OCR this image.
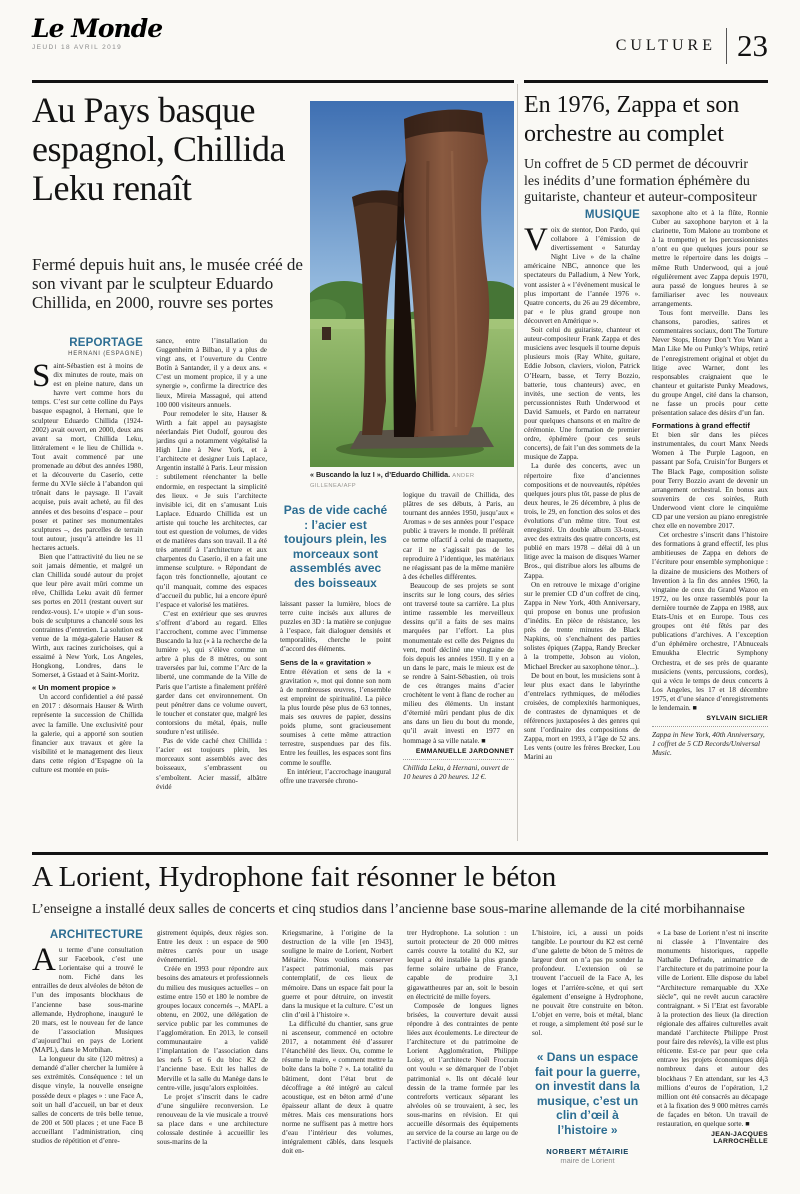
Le Monde
JEUDI 18 AVRIL 2019	CULTURE 23
Au Pays basque espagnol, Chillida Leku renaît

Fermé depuis huit ans, le musée créé de son vivant par le sculpteur Eduardo Chillida, en 2000, rouvre ses portes

« Buscando la luz I », d’Eduardo Chillida. ANDER GILLENEA/AFP
REPORTAGE
HERNANI (ESPAGNE)

Saint-Sébastien est à moins de dix minutes de route, mais on est en pleine nature, dans un havre vert comme hors du temps. C’est sur cette colline du Pays basque espagnol, à Hernani, que le sculpteur Eduardo Chillida (1924-2002) avait ouvert, en 2000, deux ans avant sa mort, Chillida Leku, littéralement « le lieu de Chillida ». Tout avait commencé par une promenade au début des années 1980, et la découverte du Caserío, cette ferme du XVIe siècle à l’abandon qui trônait dans le paysage. Il l’avait acquise, puis avait acheté, au fil des années et des besoins d’espace – pour poser et patiner ses monumentales sculptures –, des parcelles de terrain tout autour, jusqu’à atteindre les 11 hectares actuels.

Bien que l’attractivité du lieu ne se soit jamais démentie, et malgré un clan Chillida soudé autour du projet que leur père avait mûri comme un rêve, Chillida Leku avait dû fermer ses portes en 2011 (restant ouvert sur rendez-vous). L’« utopie » d’un sous-bois de sculptures a chancelé sous les contraintes d’entretien. La solution est venue de la méga-galerie Hauser & Wirth, aux racines zurichoises, qui a essaimé à New York, Los Angeles, Hongkong, Londres, dans le Somerset, à Gstaad et à Saint-Moritz.

« Un moment propice »

Un accord confidentiel a été passé en 2017 : désormais Hauser & Wirth représente la succession de Chillida avec la famille. Une exclusivité pour la galerie, qui a apporté son soutien financier aux travaux et gère la visibilité et le management des lieux dans cette région d’Espagne où la culture est montée en puis-

sance, entre l’installation du Guggenheim à Bilbao, il y a plus de vingt ans, et l’ouverture du Centre Botín à Santander, il y a deux ans. « C’est un moment propice, il y a une synergie », confirme la directrice des lieux, Mireia Massagué, qui attend 100 000 visiteurs annuels.

Pour remodeler le site, Hauser & Wirth a fait appel au paysagiste néerlandais Piet Oudolf, gourou des jardins qui a notamment végétalisé la High Line à New York, et à l’architecte et designer Luis Laplace, Argentin installé à Paris. Leur mission : subtilement réenchanter la belle endormie, en respectant la simplicité des lieux. « Je suis l’architecte invisible ici, dit en s’amusant Luis Laplace. Eduardo Chillida est un artiste qui touche les architectes, car tout est question de volumes, de vides et de matières dans son travail. Il a été très attentif à l’architecture et aux charpentes du Caserío, il en a fait une immense sculpture. » Répondant de façon très fonctionnelle, ajoutant ce qu’il manquait, comme des espaces d’accueil du public, lui a encore épuré l’espace et valorisé les matières.

C’est en extérieur que ses œuvres s’offrent d’abord au regard. Elles l’accrochent, comme avec l’immense Buscando la luz (« à la recherche de la lumière »), qui s’élève comme un arbre à plus de 8 mètres, ou sont traversées par lui, comme l’Arc de la liberté, une commande de la Ville de Paris que l’artiste a finalement préféré garder dans cet environnement. On peut pénétrer dans ce volume ouvert, le toucher et constater que, malgré les contorsions du métal, épais, nulle soudure n’est utilisée.

Pas de vide caché chez Chillida : l’acier est toujours plein, les morceaux sont assemblés avec des boisseaux, s’embrassent ou s’emboîtent. Acier massif, albâtre évidé

Pas de vide caché : l’acier est toujours plein, les morceaux sont assemblés avec des boisseaux

laissant passer la lumière, blocs de terre cuite incisés aux allures de puzzles en 3D : la matière se conjugue à l’espace, fait dialoguer densités et temporalités, cherche le point d’accord des éléments.

Sens de la « gravitation »

Entre élévation et sens de la « gravitation », mot qui donne son nom à de nombreuses œuvres, l’ensemble est empreint de spiritualité. La pièce la plus lourde pèse plus de 63 tonnes, mais ses œuvres de papier, dessins poids plume, sont gracieusement soumises à cette même attraction terrestre, suspendues par des fils. Entre les feuilles, les espaces sont fins comme le souffle.

En intérieur, l’accrochage inaugural offre une traversée chrono-

logique du travail de Chillida, des plâtres de ses débuts, à Paris, au tournant des années 1950, jusqu’aux « Aromas » de ses années pour l’espace public à travers le monde. Il préférait ce terme olfactif à celui de maquette, car il ne s’agissait pas de les reproduire à l’identique, les matériaux ne réagissant pas de la même manière à des échelles différentes.

Beaucoup de ses projets se sont inscrits sur le long cours, des séries ont traversé toute sa carrière. La plus intime rassemble les merveilleux dessins qu’il a faits de ses mains marquées par l’effort. La plus monumentale est celle des Peignes du vent, motif décliné une vingtaine de fois depuis les années 1950. Il y en a un dans le parc, mais le mieux est de se rendre à Saint-Sébastien, où trois de ces étranges mains d’acier crochètent le vent à flanc de rocher au milieu des éléments. Un instant d’éternité mûri pendant plus de dix ans dans un lieu du bout du monde, qu’il avait investi en 1977 en hommage à sa ville natale. ■

EMMANUELLE JARDONNET
Chillida Leku, à Hernani, ouvert de 10 heures à 20 heures. 12 €.
En 1976, Zappa et son orchestre au complet

Un coffret de 5 CD permet de découvrir les inédits d’une formation éphémère du guitariste, chanteur et auteur-compositeur

MUSIQUE

Voix de stentor, Don Pardo, qui collabore à l’émission de divertissement « Saturday Night Live » de la chaîne américaine NBC, annonce que les spectateurs du Palladium, à New York, vont assister à « l’événement musical le plus important de l’année 1976 ». Quatre concerts, du 26 au 29 décembre, par « le plus grand groupe non découvert en Amérique ».

Soit celui du guitariste, chanteur et auteur-compositeur Frank Zappa et des musiciens avec lesquels il tourne depuis plusieurs mois (Ray White, guitare, Eddie Jobson, claviers, violon, Patrick O’Hearn, basse, et Terry Bozzio, batterie, tous chanteurs) avec, en invités, une section de vents, les percussionnistes Ruth Underwood et David Samuels, et Pardo en narrateur pour quelques chansons et en maître de cérémonie. Une formation de premier ordre, éphémère (pour ces seuls concerts), de fait l’un des sommets de la musique de Zappa.

La durée des concerts, avec un répertoire fixe d’anciennes compositions et de nouveautés, répétées quelques jours plus tôt, passe de plus de deux heures, le 26 décembre, à plus de trois, le 29, en fonction des solos et des évolutions d’un même titre. Tout est enregistré. Un double album 33-tours, avec des extraits des quatre concerts, est publié en mars 1978 – délai dû à un litige avec la maison de disques Warner Bros., qui distribue alors les albums de Zappa.

On en retrouve le mixage d’origine sur le premier CD d’un coffret de cinq, Zappa in New York, 40th Anniversary, qui propose en bonus une profusion d’inédits. En pièce de résistance, les près de trente minutes de Black Napkins, où s’enchaînent des parties solistes épiques (Zappa, Randy Brecker à la trompette, Jobson au violon, Michael Brecker au saxophone ténor...).

De bout en bout, les musiciens sont à leur plus exact dans le labyrinthe d’entrelacs rythmiques, de mélodies croisées, de complexités harmoniques, de contrastes de dynamiques et de références juxtaposées à des genres qui sont l’ordinaire des compositions de Zappa, mort en 1993, à l’âge de 52 ans. Les vents (outre les frères Brecker, Lou Marini au

saxophone alto et à la flûte, Ronnie Cuber au saxophone baryton et à la clarinette, Tom Malone au trombone et à la trompette) et les percussionnistes n’ont eu que quelques jours pour se mettre le répertoire dans les doigts – même Ruth Underwood, qui a joué régulièrement avec Zappa depuis 1970, aura passé de longues heures à se familiariser avec les nouveaux arrangements.

Tous font merveille. Dans les chansons, parodies, satires et commentaires sociaux, dont The Torture Never Stops, Honey Don’t You Want a Man Like Me ou Punky’s Whips, retiré de l’enregistrement original et objet du litige avec Warner, dont les responsables craignaient que le chanteur et guitariste Punky Meadows, du groupe Angel, cité dans la chanson, ne fasse un procès pour cette présentation salace des désirs d’un fan.

Formations à grand effectif

Et bien sûr dans les pièces instrumentales, du court Manx Needs Women à The Purple Lagoon, en passant par Sofa, Cruisin’for Burgers et The Black Page, composition soliste pour Terry Bozzio avant de devenir un arrangement orchestral. En bonus aux souvenirs de ces soirées, Ruth Underwood vient clore le cinquième CD par une version au piano enregistrée chez elle en novembre 2017.

Cet orchestre s’inscrit dans l’histoire des formations à grand effectif, les plus ambitieuses de Zappa en dehors de l’écriture pour ensemble symphonique : la dizaine de musiciens des Mothers of Invention à la fin des années 1960, la vingtaine de ceux du Grand Wazoo en 1972, ou les onze rassemblés pour la dernière tournée de Zappa en 1988, aux Etats-Unis et en Europe. Tous ces groupes ont été fêtés par des publications d’archives. A l’exception d’un éphémère orchestre, l’Abnuceals Emuukha Electric Symphony Orchestra, et de ses près de quarante musiciens (vents, percussions, cordes), qui a vécu le temps de deux concerts à Los Angeles, les 17 et 18 décembre 1975, et d’une séance d’enregistrements le lendemain. ■

SYLVAIN SICLIER
Zappa in New York, 40th Anniversary, 1 coffret de 5 CD Records/Universal Music.
A Lorient, Hydrophone fait résonner le béton

L’enseigne a installé deux salles de concerts et cinq studios dans l’ancienne base sous-marine allemande de la cité morbihannaise

ARCHITECTURE

Au terme d’une consultation sur Facebook, c’est une Lorientaise qui a trouvé le nom. Fiché dans les entrailles de deux alvéoles de béton de l’un des imposants blockhaus de l’ancienne base sous-marine allemande, Hydrophone, inauguré le 20 mars, est le nouveau fer de lance de l’association Musiques d’aujourd’hui en pays de Lorient (MAPL), dans le Morbihan.

La longueur du site (120 mètres) a demandé d’aller chercher la lumière à ses extrémités. Conséquence : tel un disque vinyle, la nouvelle enseigne possède deux « plages » : une Face A, soit un hall d’accueil, un bar et deux salles de concerts de très belle tenue, de 200 et 500 places ; et une Face B accueillant l’administration, cinq studios de répétition et d’enre-

gistrement équipés, deux régies son. Entre les deux : un espace de 900 mètres carrés pour un usage événementiel.

Créée en 1993 pour répondre aux besoins des amateurs et professionnels du milieu des musiques actuelles – on estime entre 150 et 180 le nombre de groupes locaux concernés –, MAPL a obtenu, en 2002, une délégation de service public par les communes de l’agglomération. En 2013, le conseil communautaire a validé l’implantation de l’association dans les nefs 5 et 6 du bloc K2 de l’ancienne base. Exit les halles de Merville et la salle du Manège dans le centre-ville, jusqu’alors exploitées.

Le projet s’inscrit dans le cadre d’une singulière reconversion. Le renouveau de la vie musicale a trouvé sa place dans « une architecture colossale destinée à accueillir les sous-marins de la

Kriegsmarine, à l’origine de la destruction de la ville [en 1943], souligne le maire de Lorient, Norbert Métairie. Nous voulions conserver l’aspect patrimonial, mais pas contemplatif, de ces lieux de mémoire. Dans un espace fait pour la guerre et pour détruire, on investit dans la musique et la culture. C’est un clin d’œil à l’histoire ».

La difficulté du chantier, sans grue ni ascenseur, commencé en octobre 2017, a notamment été d’assurer l’étanchéité des lieux. Ou, comme le résume le maire, « comment mettre la boîte dans la boîte ? ». La totalité du bâtiment, dont l’état brut de décoffrage a été intégré au calcul acoustique, est en béton armé d’une épaisseur allant de deux à quatre mètres. Mais ces mensurations hors norme ne suffisent pas à mettre hors d’eau l’intérieur des volumes, intégralement câblés, dans lesquels doit en-

trer Hydrophone. La solution : un surtoit protecteur de 20 000 mètres carrés couvre la totalité du K2, sur lequel a été installée la plus grande ferme solaire urbaine de France, capable de produire 3,1 gigawattheures par an, soit le besoin en électricité de mille foyers.

Composée de longues lignes brisées, la couverture devait aussi répondre à des contraintes de pente liées aux écoulements. Le directeur de l’architecture et du patrimoine de Lorient Agglomération, Philippe Loisy, et l’architecte Noël Frocrain ont voulu « se démarquer de l’objet patrimonial ». Ils ont décalé leur dessin de la trame formée par les contreforts verticaux séparant les alvéoles où se trouvaient, à sec, les sous-marins en révision. Et qui accueille désormais des équipements au service de la course au large ou de l’activité de plaisance.

L’histoire, ici, a aussi un poids tangible. Le pourtour du K2 est cerné d’une galette de béton de 5 mètres de largeur dont on n’a pas pu sonder la profondeur. L’extension où se trouvent l’accueil de la Face A, les loges et l’arrière-scène, et qui sert également d’enseigne à Hydrophone, ne pouvait être construite en béton. L’objet en verre, bois et métal, blanc et rouge, a simplement été posé sur le sol.

« Dans un espace fait pour la guerre, on investit dans la musique, c’est un clin d’œil à l’histoire »
NORBERT MÉTAIRIE
maire de Lorient

« La base de Lorient n’est ni inscrite ni classée à l’Inventaire des monuments historiques, rappelle Nathalie Defrade, animatrice de l’architecture et du patrimoine pour la ville de Lorient. Elle dispose du label “Architecture remarquable du XXe siècle”, qui ne revêt aucun caractère contraignant. » Si l’Etat est favorable à la protection des lieux (la direction régionale des affaires culturelles avait mandaté l’architecte Philippe Prost pour faire des relevés), la ville est plus réticente. Est-ce par peur que cela entrave les projets économiques déjà nombreux dans et autour des blockhaus ? En attendant, sur les 4,3 millions d’euros de l’opération, 1,2 million ont été consacrés au décapage et à la fixation des 9 000 mètres carrés de façades en béton. Un travail de restauration, en quelque sorte. ■

JEAN-JACQUES LARROCHELLE
